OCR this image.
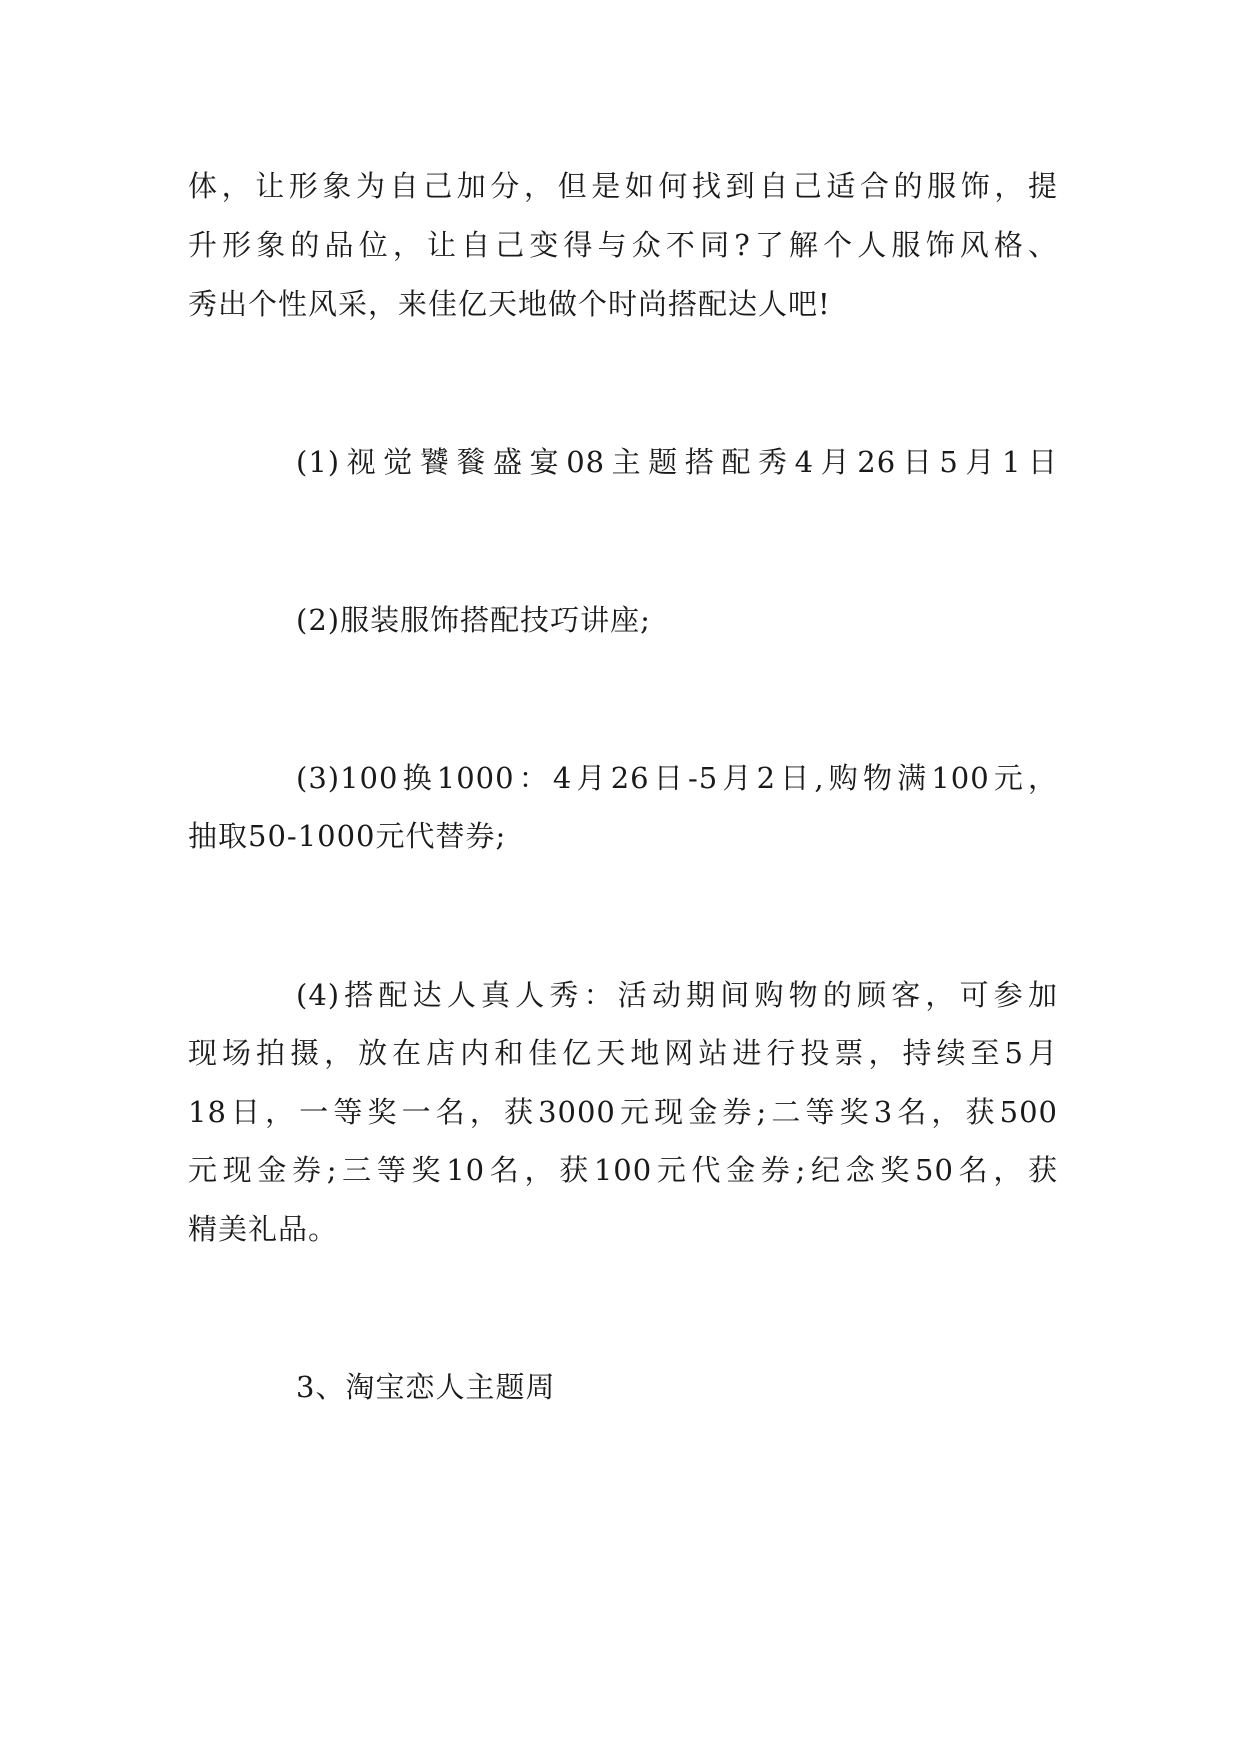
体，让形象为自己加分，但是如何找到自己适合的服饰，提
升形象的品位，让自己变得与众不同?了解个人服饰风格、
秀出个性风采，来佳亿天地做个时尚搭配达人吧!
(1)视觉饕餮盛宴08主题搭配秀4月26日5月1日
(2)服装服饰搭配技巧讲座;
(3)100换1000：4月26日-5月2日,购物满100元，
抽取50-1000元代替券;
(4)搭配达人真人秀：活动期间购物的顾客，可参加
现场拍摄，放在店内和佳亿天地网站进行投票，持续至5月
18日，一等奖一名，获3000元现金券;二等奖3名，获500
元现金券;三等奖10名，获100元代金券;纪念奖50名，获
精美礼品。
3、淘宝恋人主题周
